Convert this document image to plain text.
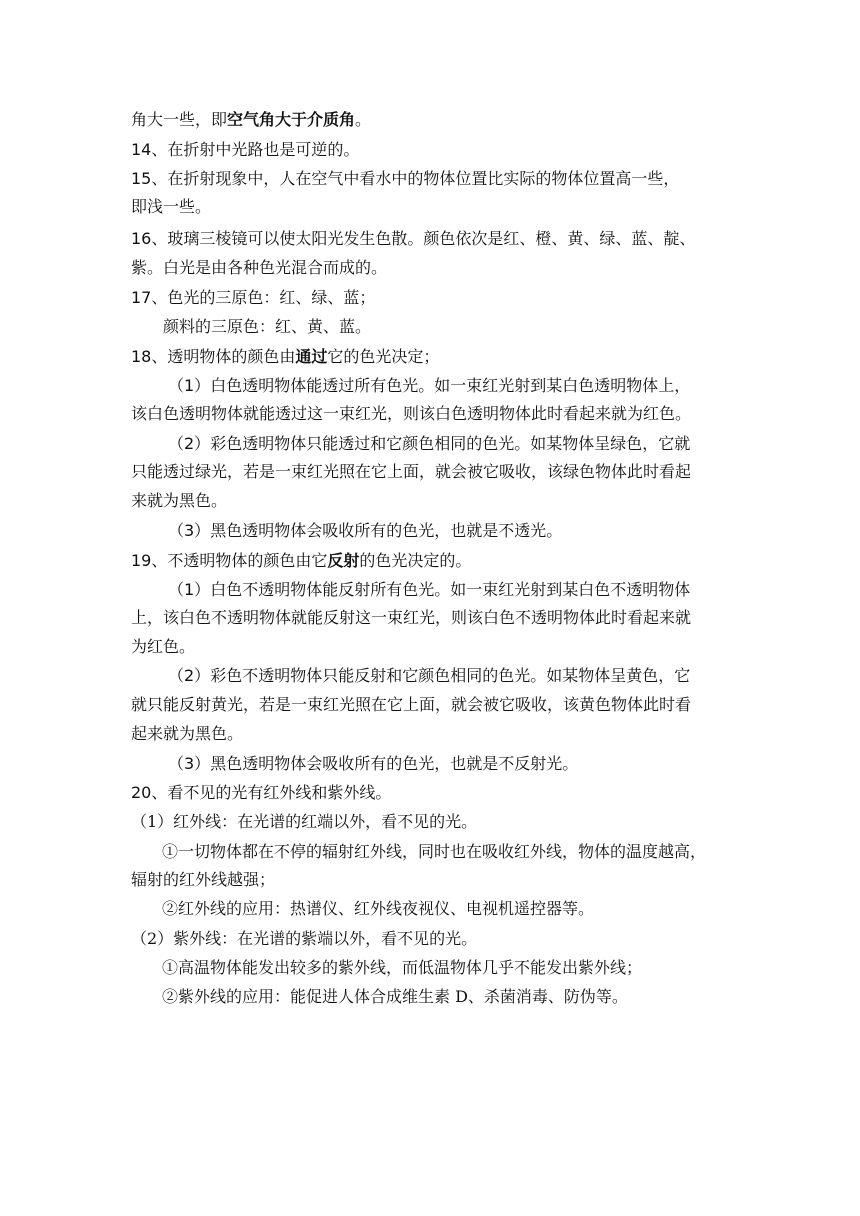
角大一些，即空气角大于介质角。
14、在折射中光路也是可逆的。
15、在折射现象中，人在空气中看水中的物体位置比实际的物体位置高一些，
即浅一些。
16、玻璃三棱镜可以使太阳光发生色散。颜色依次是红、橙、黄、绿、蓝、靛、
紫。白光是由各种色光混合而成的。
17、色光的三原色：红、绿、蓝；
颜料的三原色：红、黄、蓝。
18、透明物体的颜色由通过它的色光决定；
（1）白色透明物体能透过所有色光。如一束红光射到某白色透明物体上，
该白色透明物体就能透过这一束红光，则该白色透明物体此时看起来就为红色。
（2）彩色透明物体只能透过和它颜色相同的色光。如某物体呈绿色，它就
只能透过绿光，若是一束红光照在它上面，就会被它吸收，该绿色物体此时看起
来就为黑色。
（3）黑色透明物体会吸收所有的色光，也就是不透光。
19、不透明物体的颜色由它反射的色光决定的。
（1）白色不透明物体能反射所有色光。如一束红光射到某白色不透明物体
上，该白色不透明物体就能反射这一束红光，则该白色不透明物体此时看起来就
为红色。
（2）彩色不透明物体只能反射和它颜色相同的色光。如某物体呈黄色，它
就只能反射黄光，若是一束红光照在它上面，就会被它吸收，该黄色物体此时看
起来就为黑色。
（3）黑色透明物体会吸收所有的色光，也就是不反射光。
20、看不见的光有红外线和紫外线。
（1）红外线：在光谱的红端以外，看不见的光。
①一切物体都在不停的辐射红外线，同时也在吸收红外线，物体的温度越高，
辐射的红外线越强；
②红外线的应用：热谱仪、红外线夜视仪、电视机遥控器等。
（2）紫外线：在光谱的紫端以外，看不见的光。
①高温物体能发出较多的紫外线，而低温物体几乎不能发出紫外线；
②紫外线的应用：能促进人体合成维生素 D、杀菌消毒、防伪等。
